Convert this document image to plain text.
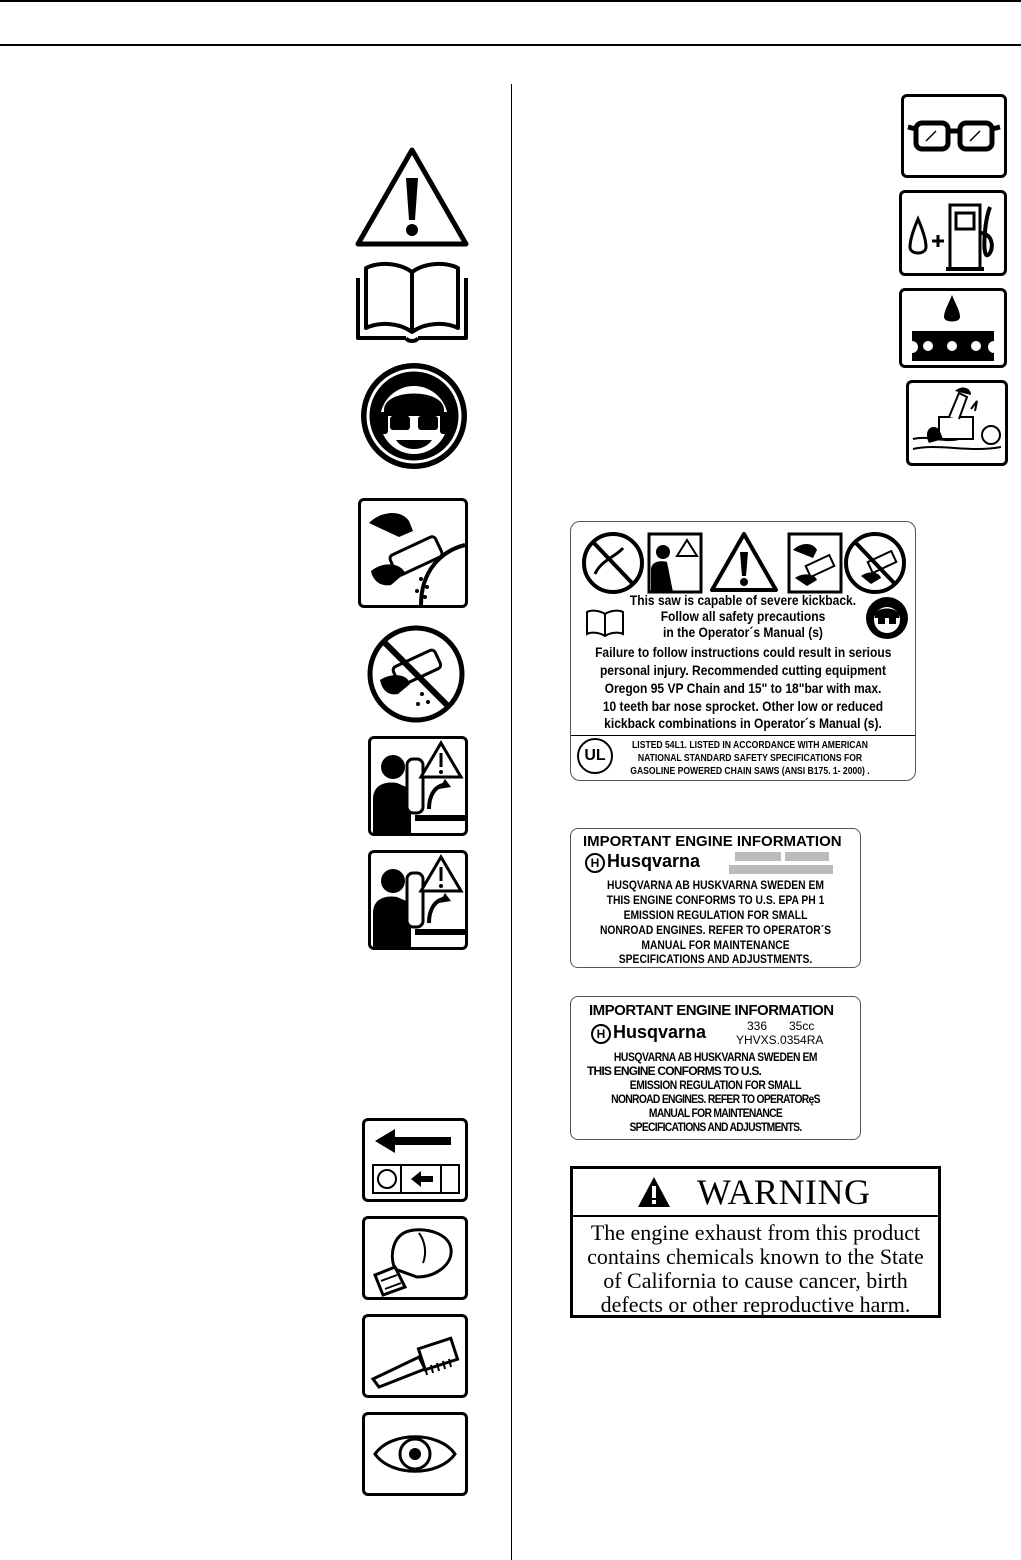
This saw is capable of severe kickback.
Follow all safety precautions
in the Operator´s Manual (s)
Failure to follow instructions could result in serious
personal injury. Recommended cutting equipment
Oregon 95 VP Chain and 15" to 18"bar with max.
10 teeth bar nose sprocket. Other low or reduced
kickback combinations in Operator´s Manual (s).
UL
LISTED 54L1. LISTED IN ACCORDANCE WITH AMERICAN
NATIONAL STANDARD SAFETY SPECIFICATIONS FOR
GASOLINE POWERED CHAIN SAWS (ANSI B175. 1- 2000) .
IMPORTANT ENGINE INFORMATION
H Husqvarna
HUSQVARNA AB HUSKVARNA SWEDEN EM
THIS ENGINE CONFORMS TO U.S. EPA PH 1
EMISSION REGULATION FOR SMALL
NONROAD ENGINES. REFER TO OPERATOR´S
MANUAL FOR MAINTENANCE
SPECIFICATIONS AND ADJUSTMENTS.
IMPORTANT ENGINE INFORMATION
H Husqvarna	336 35cc
YHVXS.0354RA
HUSQVARNA AB HUSKVARNA SWEDEN EM
THIS ENGINE CONFORMS TO U.S.
EMISSION REGULATION FOR SMALL
NONROAD ENGINES. REFER TO OPERATORęS
MANUAL FOR MAINTENANCE
SPECIFICATIONS AND ADJUSTMENTS.
WARNING
The engine exhaust from this product
contains chemicals known to the State
of California to cause cancer, birth
defects or other reproductive harm.
